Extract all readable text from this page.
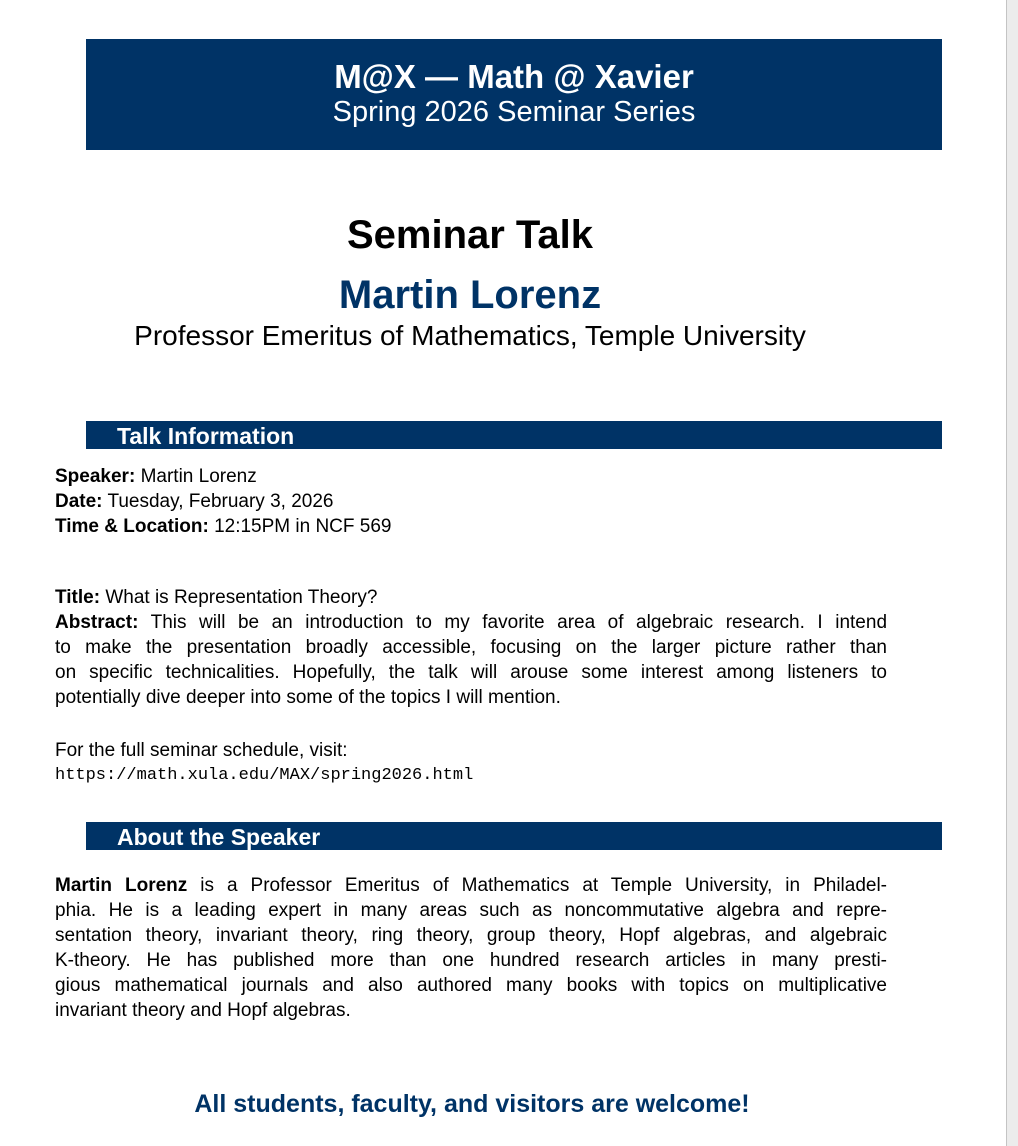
M@X — Math @ Xavier
Spring 2026 Seminar Series
Seminar Talk
Martin Lorenz
Professor Emeritus of Mathematics, Temple University
Talk Information
Speaker: Martin Lorenz
Date: Tuesday, February 3, 2026
Time & Location: 12:15PM in NCF 569
Title: What is Representation Theory?
Abstract: This will be an introduction to my favorite area of algebraic research. I intend
to make the presentation broadly accessible, focusing on the larger picture rather than
on specific technicalities. Hopefully, the talk will arouse some interest among listeners to
potentially dive deeper into some of the topics I will mention.
For the full seminar schedule, visit:
https://math.xula.edu/MAX/spring2026.html
About the Speaker
Martin Lorenz is a Professor Emeritus of Mathematics at Temple University, in Philadel-
phia. He is a leading expert in many areas such as noncommutative algebra and repre-
sentation theory, invariant theory, ring theory, group theory, Hopf algebras, and algebraic
K-theory. He has published more than one hundred research articles in many presti-
gious mathematical journals and also authored many books with topics on multiplicative
invariant theory and Hopf algebras.
All students, faculty, and visitors are welcome!
